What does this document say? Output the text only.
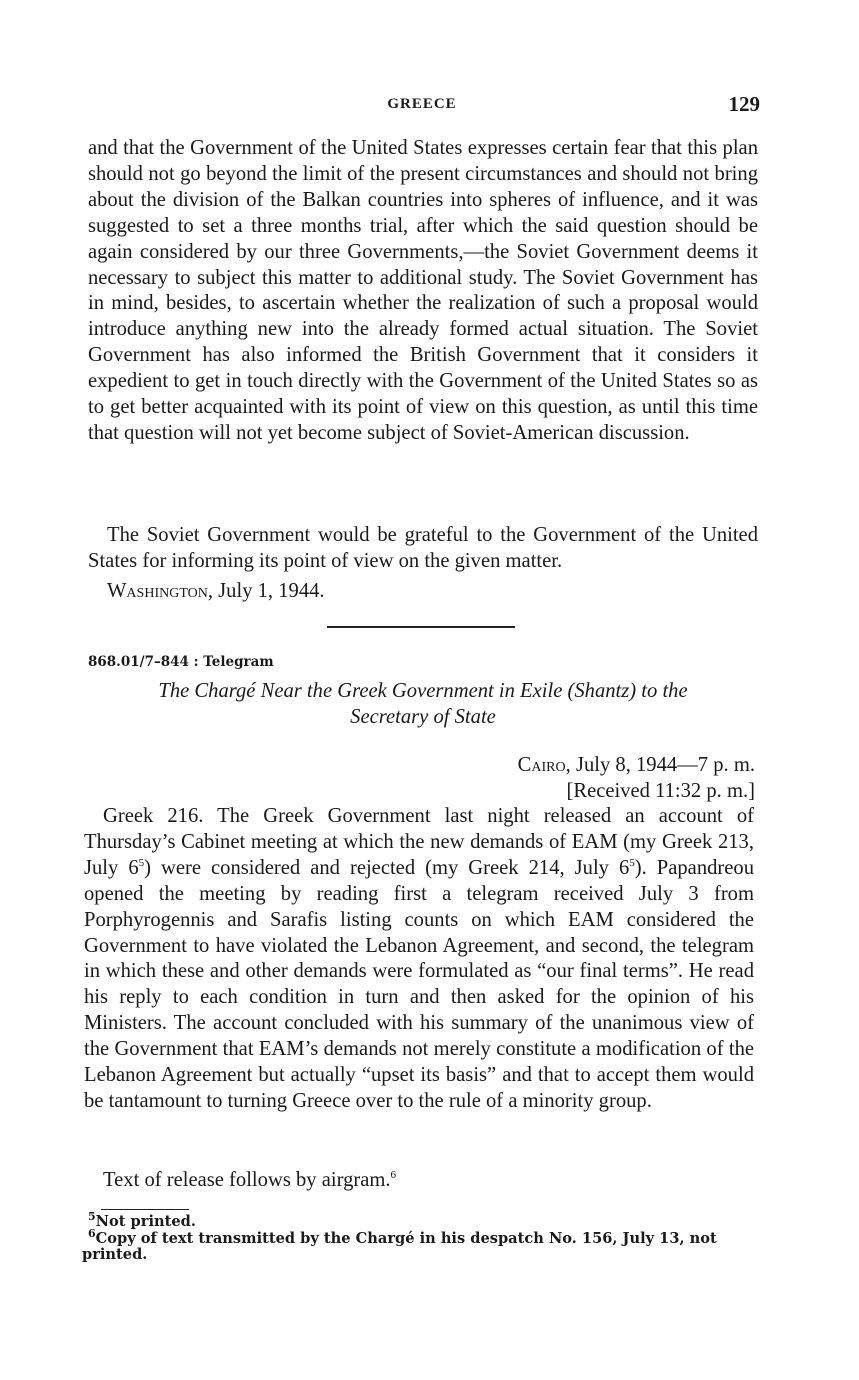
GREECE	129

and that the Government of the United States expresses certain fear that this plan should not go beyond the limit of the present circumstances and should not bring about the division of the Balkan countries into spheres of influence, and it was suggested to set a three months trial, after which the said question should be again considered by our three Governments,—the Soviet Government deems it necessary to subject this matter to additional study. The Soviet Government has in mind, besides, to ascertain whether the realization of such a proposal would introduce anything new into the already formed actual situation. The Soviet Government has also informed the British Government that it considers it expedient to get in touch directly with the Government of the United States so as to get better acquainted with its point of view on this question, as until this time that question will not yet become subject of Soviet-American discussion.

The Soviet Government would be grateful to the Government of the United States for informing its point of view on the given matter.

Washington, July 1, 1944.
868.01/7–844 : Telegram
The Chargé Near the Greek Government in Exile (Shantz) to the
Secretary of State
Cairo, July 8, 1944—7 p. m.
[Received 11:32 p. m.]

Greek 216. The Greek Government last night released an account of Thursday’s Cabinet meeting at which the new demands of EAM (my Greek 213, July $6^5$) were considered and rejected (my Greek 214, July $6^5$). Papandreou opened the meeting by reading first a telegram received July 3 from Porphyrogennis and Sarafis listing counts on which EAM considered the Government to have violated the Lebanon Agreement, and second, the telegram in which these and other demands were formulated as “our final terms”. He read his reply to each condition in turn and then asked for the opinion of his Ministers. The account concluded with his summary of the unanimous view of the Government that EAM’s demands not merely constitute a modification of the Lebanon Agreement but actually “upset its basis” and that to accept them would be tantamount to turning Greece over to the rule of a minority group.

Text of release follows by airgram.$^6$

$^5$Not printed.
$^6$Copy of text transmitted by the Chargé in his despatch No. 156, July 13, not printed.
